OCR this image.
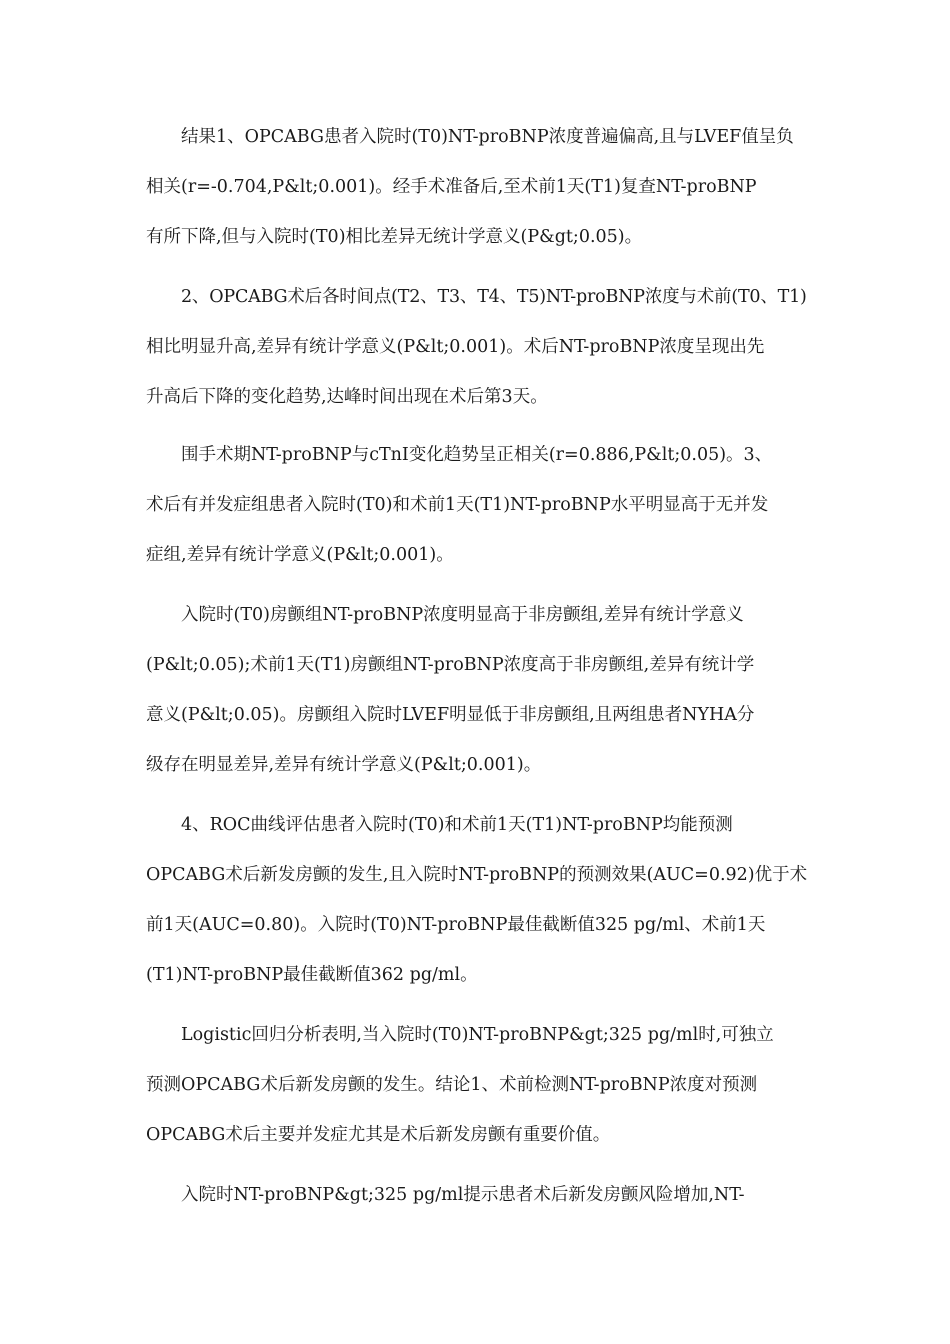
结果1、OPCABG患者入院时(T0)NT-proBNP浓度普遍偏高,且与LVEF值呈负
相关(r=-0.704,P&lt;0.001)。经手术准备后,至术前1天(T1)复查NT-proBNP
有所下降,但与入院时(T0)相比差异无统计学意义(P&gt;0.05)。

2、OPCABG术后各时间点(T2、T3、T4、T5)NT-proBNP浓度与术前(T0、T1)
相比明显升高,差异有统计学意义(P&lt;0.001)。术后NT-proBNP浓度呈现出先
升高后下降的变化趋势,达峰时间出现在术后第3天。

围手术期NT-proBNP与cTnI变化趋势呈正相关(r=0.886,P&lt;0.05)。3、
术后有并发症组患者入院时(T0)和术前1天(T1)NT-proBNP水平明显高于无并发
症组,差异有统计学意义(P&lt;0.001)。

入院时(T0)房颤组NT-proBNP浓度明显高于非房颤组,差异有统计学意义
(P&lt;0.05);术前1天(T1)房颤组NT-proBNP浓度高于非房颤组,差异有统计学
意义(P&lt;0.05)。房颤组入院时LVEF明显低于非房颤组,且两组患者NYHA分
级存在明显差异,差异有统计学意义(P&lt;0.001)。

4、ROC曲线评估患者入院时(T0)和术前1天(T1)NT-proBNP均能预测
OPCABG术后新发房颤的发生,且入院时NT-proBNP的预测效果(AUC=0.92)优于术
前1天(AUC=0.80)。入院时(T0)NT-proBNP最佳截断值325 pg/ml、术前1天
(T1)NT-proBNP最佳截断值362 pg/ml。

Logistic回归分析表明,当入院时(T0)NT-proBNP&gt;325 pg/ml时,可独立
预测OPCABG术后新发房颤的发生。结论1、术前检测NT-proBNP浓度对预测
OPCABG术后主要并发症尤其是术后新发房颤有重要价值。

入院时NT-proBNP&gt;325 pg/ml提示患者术后新发房颤风险增加,NT-
